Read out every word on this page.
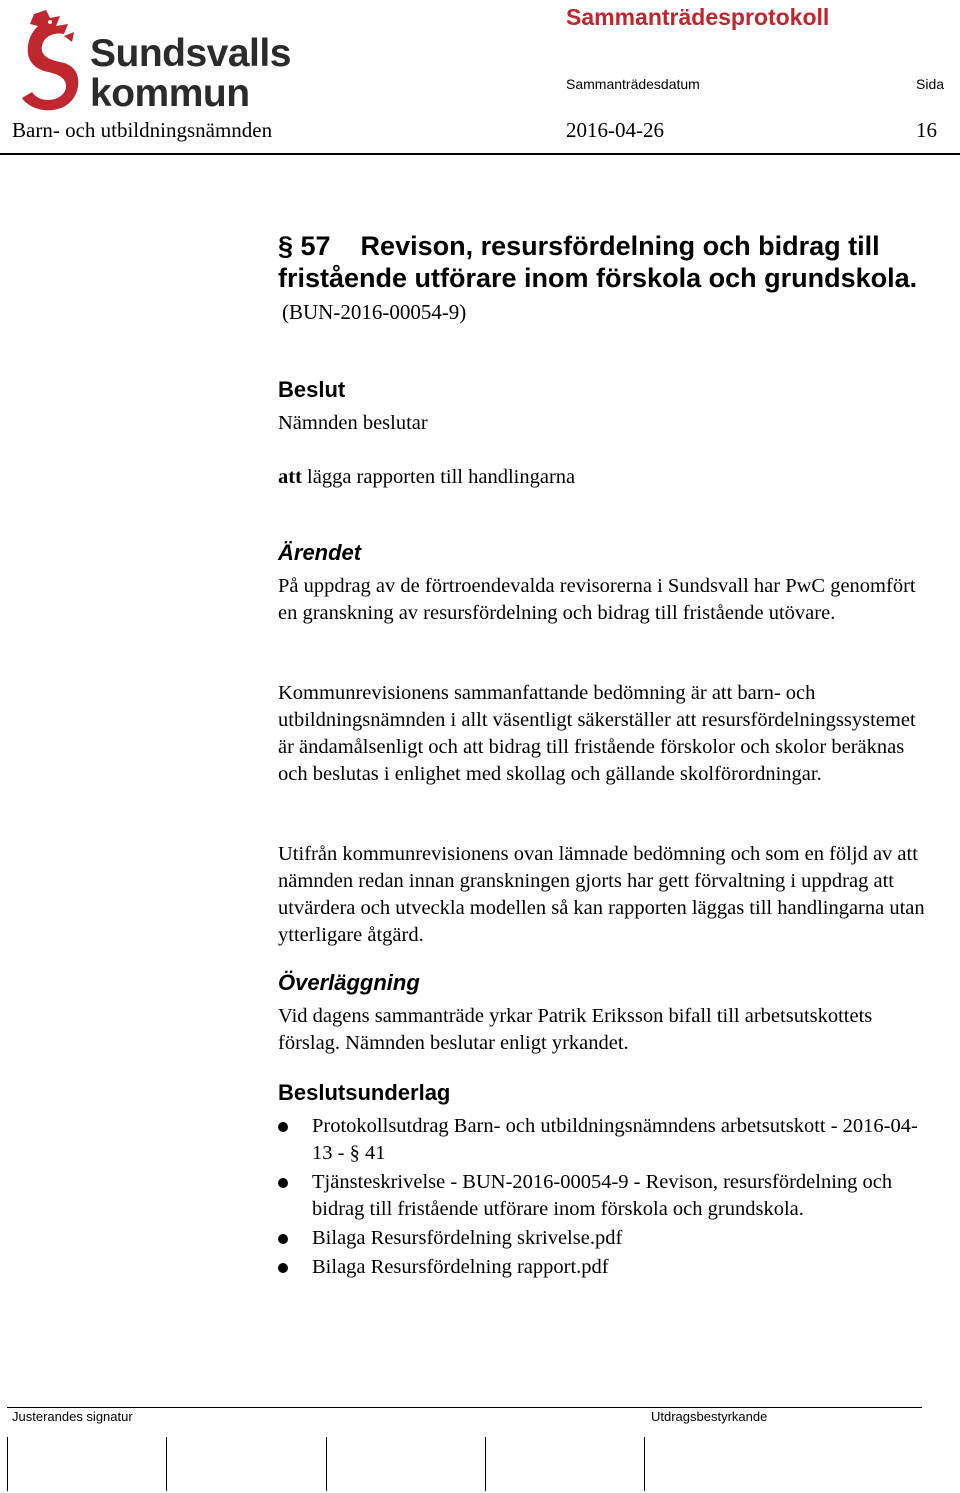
Sundsvalls
kommun
Sammanträdesprotokoll
Sammanträdesdatum	Sida
Barn- och utbildningsnämnden	2016-04-26	16
§ 57    Revison, resursfördelning och bidrag till
fristående utförare inom förskola och grundskola.
(BUN-2016-00054-9)
Beslut
Nämnden beslutar
att lägga rapporten till handlingarna
Ärendet
På uppdrag av de förtroendevalda revisorerna i Sundsvall har PwC genomfört en granskning av resursfördelning och bidrag till fristående utövare.
Kommunrevisionens sammanfattande bedömning är att barn- och utbildningsnämnden i allt väsentligt säkerställer att resursfördelningssystemet är ändamålsenligt och att bidrag till fristående förskolor och skolor beräknas och beslutas i enlighet med skollag och gällande skolförordningar.
Utifrån kommunrevisionens ovan lämnade bedömning och som en följd av att nämnden redan innan granskningen gjorts har gett förvaltning i uppdrag att utvärdera och utveckla modellen så kan rapporten läggas till handlingarna utan ytterligare åtgärd.
Överläggning
Vid dagens sammanträde yrkar Patrik Eriksson bifall till arbetsutskottets förslag. Nämnden beslutar enligt yrkandet.
Beslutsunderlag
Protokollsutdrag Barn- och utbildningsnämndens arbetsutskott - 2016-04-13 - § 41
Tjänsteskrivelse - BUN-2016-00054-9 - Revison, resursfördelning och bidrag till fristående utförare inom förskola och grundskola.
Bilaga Resursfördelning skrivelse.pdf
Bilaga Resursfördelning rapport.pdf
Justerandes signatur	Utdragsbestyrkande
